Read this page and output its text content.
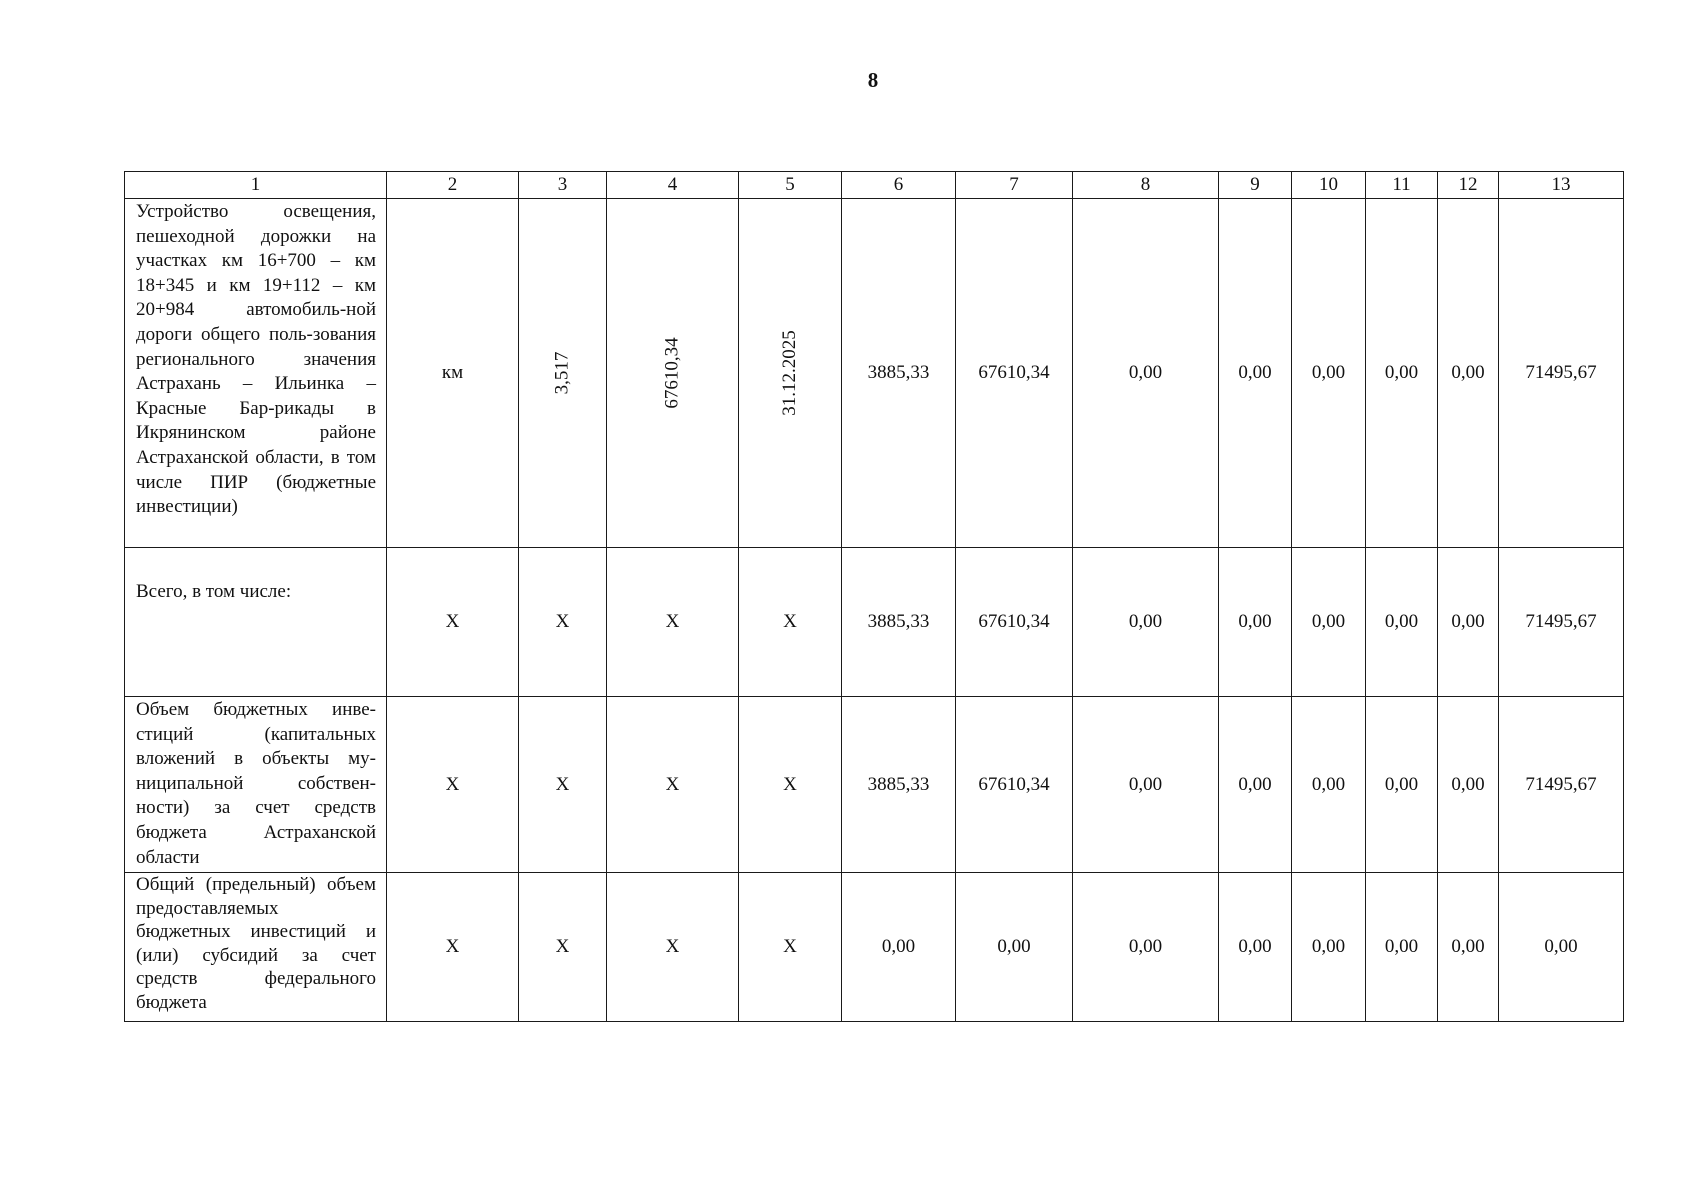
8
1	2	3	4	5	6	7	8	9	10	11	12	13
Устройство освещения, пешеходной дорожки на участках км 16+700 – км 18+345 и км 19+112 – км 20+984 автомобиль-ной дороги общего поль-зования регионального значения Астрахань – Ильинка – Красные Бар-рикады в Икрянинском районе Астраханской области, в том числе ПИР (бюджетные инвестиции)	км	3,517	67610,34	31.12.2025	3885,33	67610,34	0,00	0,00	0,00	0,00	0,00	71495,67
Всего, в том числе:	Х	Х	Х	Х	3885,33	67610,34	0,00	0,00	0,00	0,00	0,00	71495,67
Объем бюджетных инве-стиций (капитальных вложений в объекты му-ниципальной собствен-ности) за счет средств бюджета Астраханской области	Х	Х	Х	Х	3885,33	67610,34	0,00	0,00	0,00	0,00	0,00	71495,67
Общий (предельный) объем предоставляемых бюджетных инвестиций и (или) субсидий за счет средств федерального бюджета	Х	Х	Х	Х	0,00	0,00	0,00	0,00	0,00	0,00	0,00	0,00
